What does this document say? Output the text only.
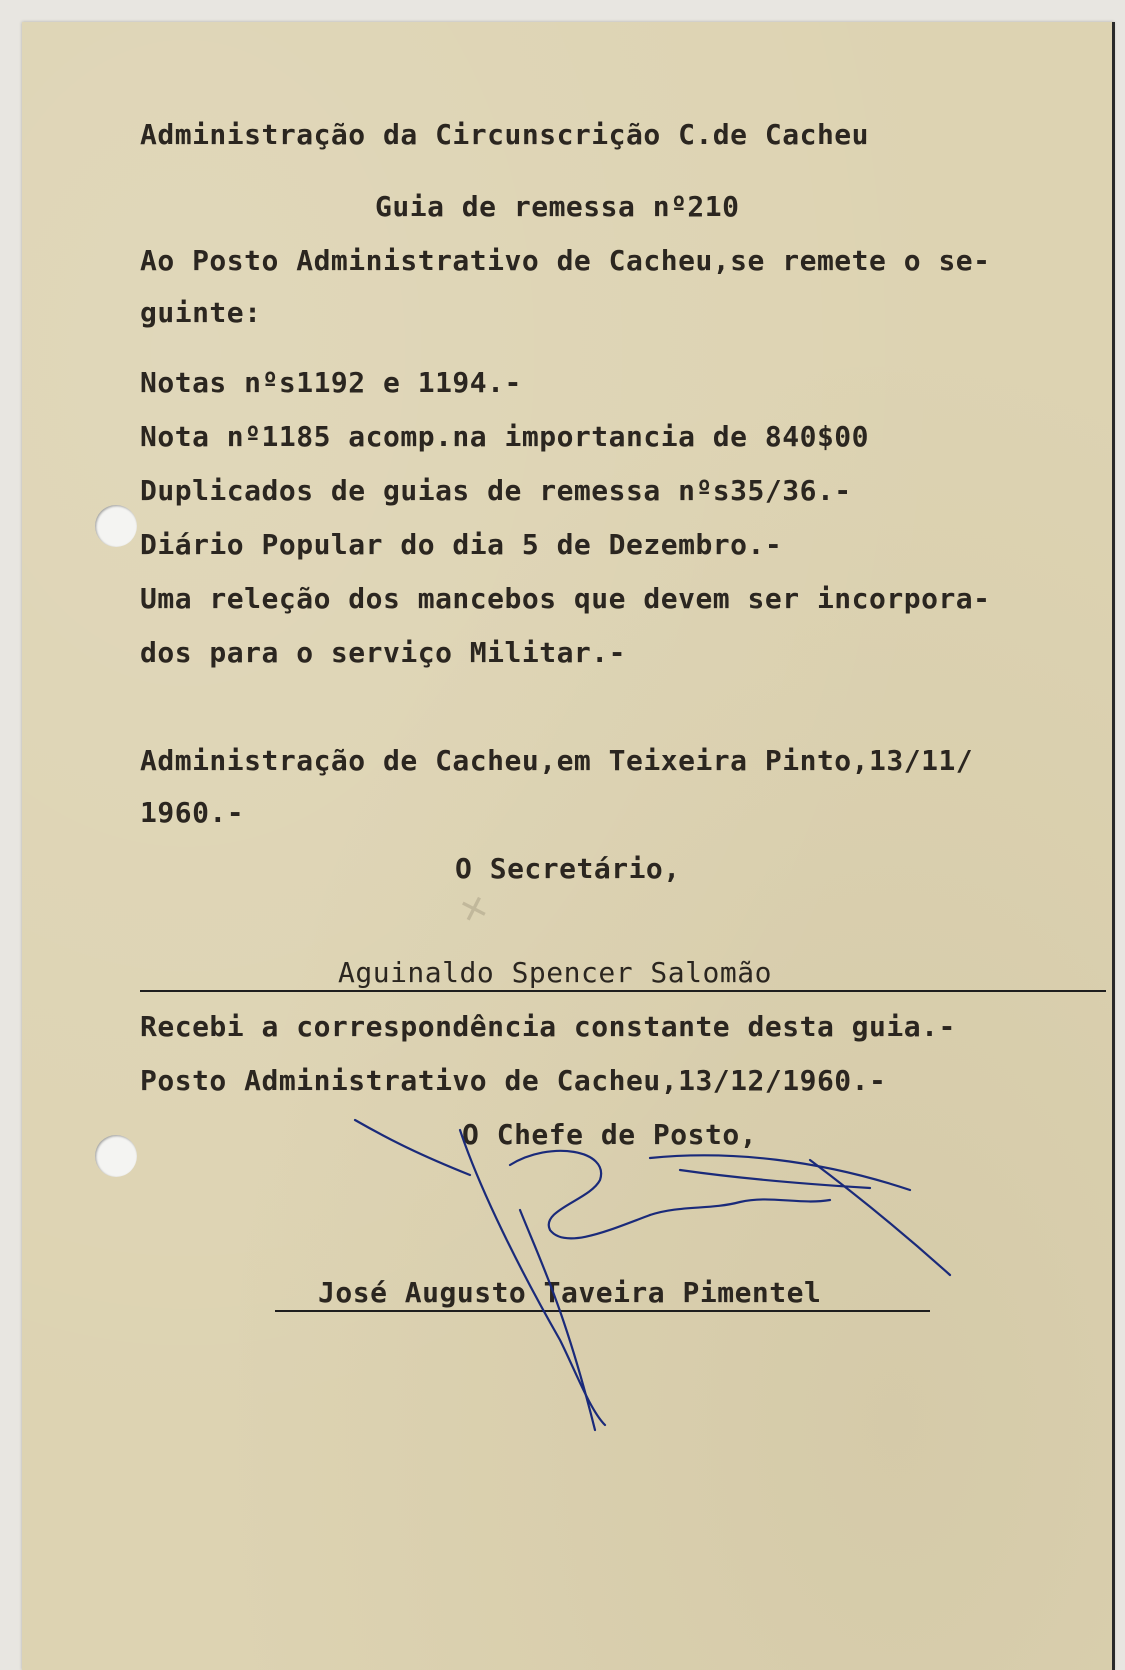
Administração da Circunscrição C.de Cacheu
Guia de remessa nº210
Ao Posto Administrativo de Cacheu,se remete o se-
guinte:
Notas nºs1192 e 1194.-
Nota nº1185 acomp.na importancia de 840$00
Duplicados de guias de remessa nºs35/36.-
Diário Popular do dia 5 de Dezembro.-
Uma releção dos mancebos que devem ser incorpora-
dos para o serviço Militar.-
Administração de Cacheu,em Teixeira Pinto,13/11/
1960.-
O Secretário,
✕
Aguinaldo Spencer Salomão
Recebi a correspondência constante desta guia.-
Posto Administrativo de Cacheu,13/12/1960.-
O Chefe de Posto,
José Augusto Taveira Pimentel
